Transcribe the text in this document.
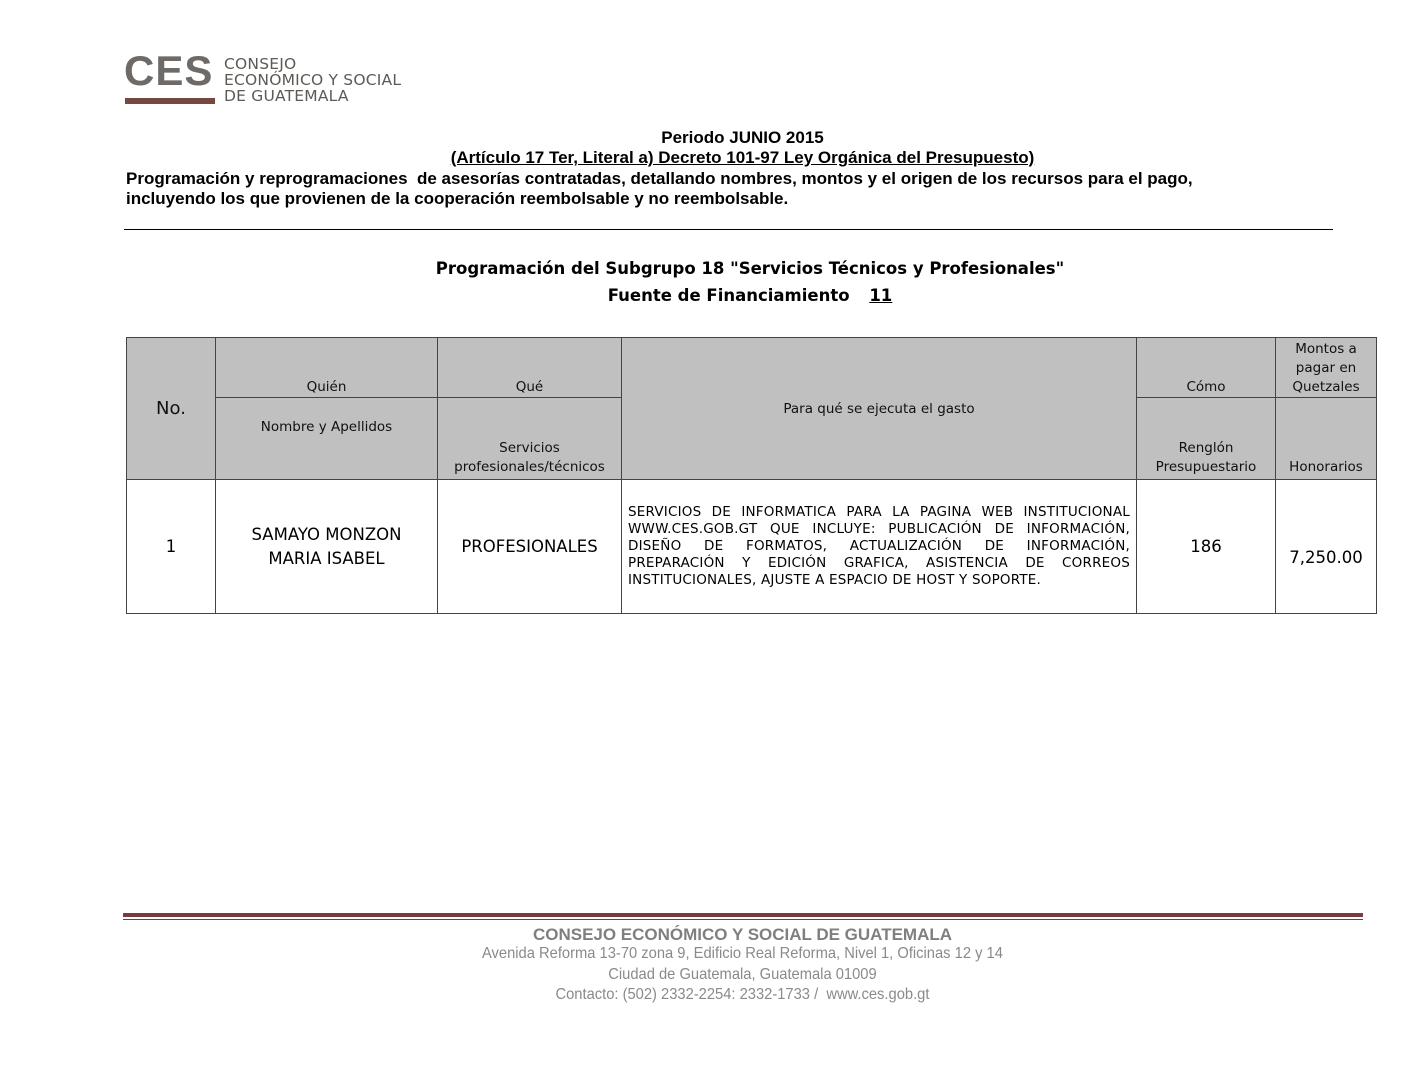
CES CONSEJO
ECONÓMICO Y SOCIAL
DE GUATEMALA
Periodo JUNIO 2015
(Artículo 17 Ter, Literal a) Decreto 101-97 Ley Orgánica del Presupuesto)
Programación y reprogramaciones  de asesorías contratadas, detallando nombres, montos y el origen de los recursos para el pago,
incluyendo los que provienen de la cooperación reembolsable y no reembolsable.
Programación del Subgrupo 18 "Servicios Técnicos y Profesionales"
Fuente de Financiamiento 11
No.	Quién	Qué	Para qué se ejecuta el gasto	Cómo	Montos a pagar en Quetzales
	Nombre y Apellidos	Servicios profesionales/técnicos		Renglón Presupuestario	Honorarios
1	SAMAYO MONZON
MARIA ISABEL	PROFESIONALES	SERVICIOS DE INFORMATICA PARA LA PAGINA WEB INSTITUCIONAL WWW.CES.GOB.GT QUE INCLUYE: PUBLICACIÓN DE INFORMACIÓN, DISEÑO DE FORMATOS, ACTUALIZACIÓN DE INFORMACIÓN, PREPARACIÓN Y EDICIÓN GRAFICA, ASISTENCIA DE CORREOS INSTITUCIONALES, AJUSTE A ESPACIO DE HOST Y SOPORTE.	186	7,250.00
CONSEJO ECONÓMICO Y SOCIAL DE GUATEMALA
Avenida Reforma 13-70 zona 9, Edificio Real Reforma, Nivel 1, Oficinas 12 y 14
Ciudad de Guatemala, Guatemala 01009
Contacto: (502) 2332-2254: 2332-1733 /  www.ces.gob.gt
